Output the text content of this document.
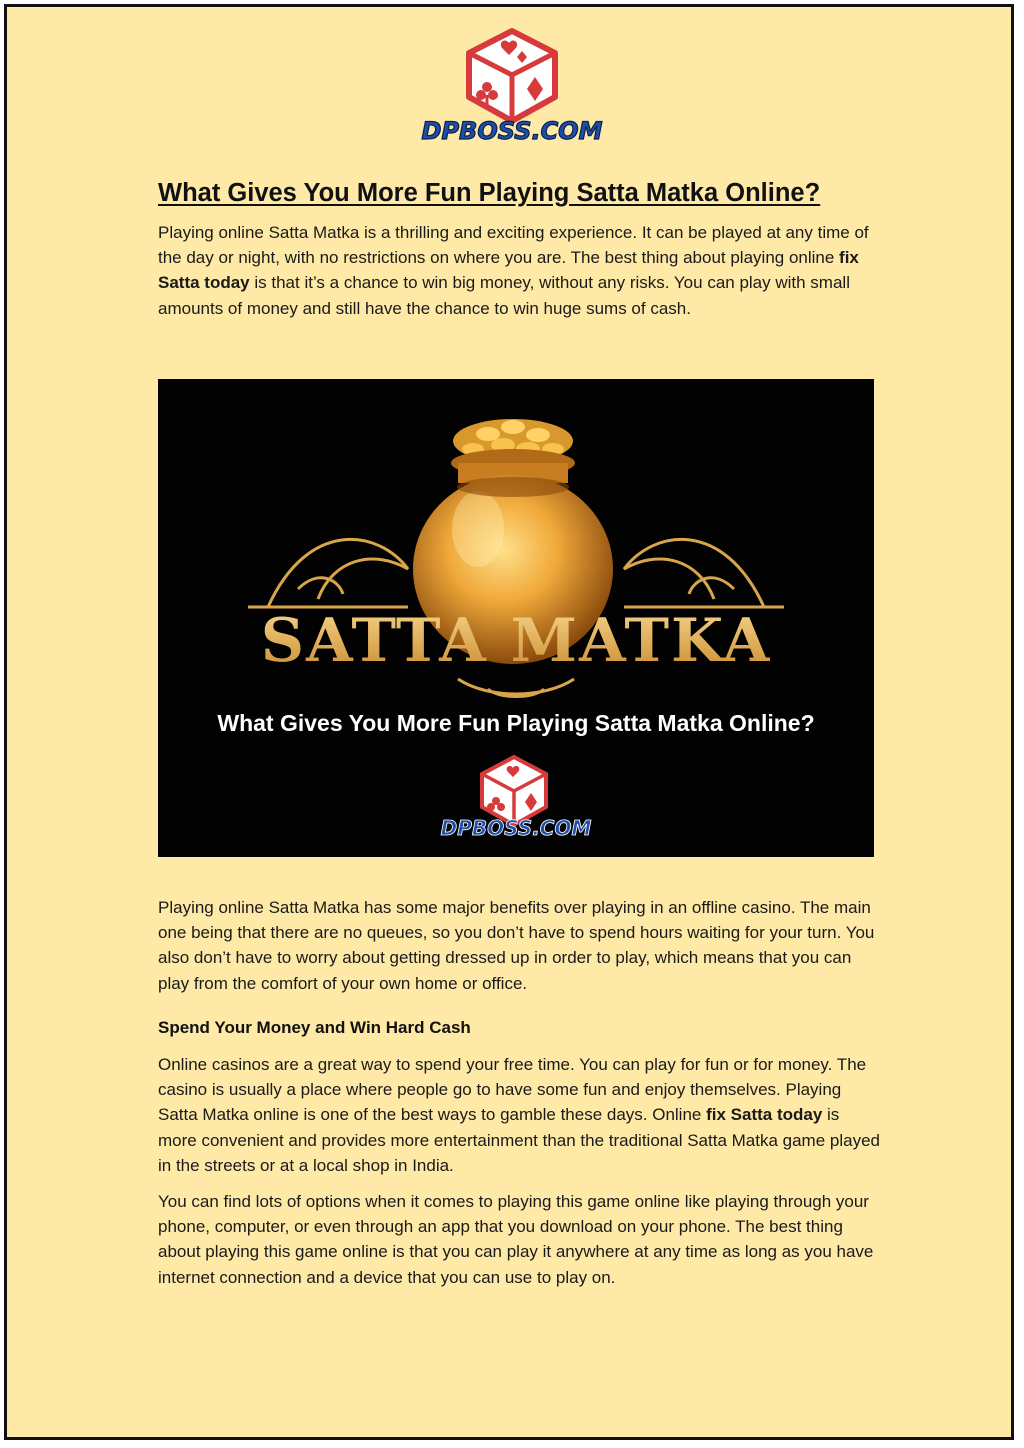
DPBOSS.COM
What Gives You More Fun Playing Satta Matka Online?

Playing online Satta Matka is a thrilling and exciting experience. It can be played at any time of the day or night, with no restrictions on where you are. The best thing about playing online fix Satta today is that it’s a chance to win big money, without any risks. You can play with small amounts of money and still have the chance to win huge sums of cash.

SATTA MATKA
What Gives You More Fun Playing Satta Matka Online?
DPBOSS.COM

Playing online Satta Matka has some major benefits over playing in an offline casino. The main one being that there are no queues, so you don’t have to spend hours waiting for your turn. You also don’t have to worry about getting dressed up in order to play, which means that you can play from the comfort of your own home or office.

Spend Your Money and Win Hard Cash

Online casinos are a great way to spend your free time. You can play for fun or for money. The casino is usually a place where people go to have some fun and enjoy themselves. Playing Satta Matka online is one of the best ways to gamble these days. Online fix Satta today is more convenient and provides more entertainment than the traditional Satta Matka game played in the streets or at a local shop in India.

You can find lots of options when it comes to playing this game online like playing through your phone, computer, or even through an app that you download on your phone. The best thing about playing this game online is that you can play it anywhere at any time as long as you have internet connection and a device that you can use to play on.
